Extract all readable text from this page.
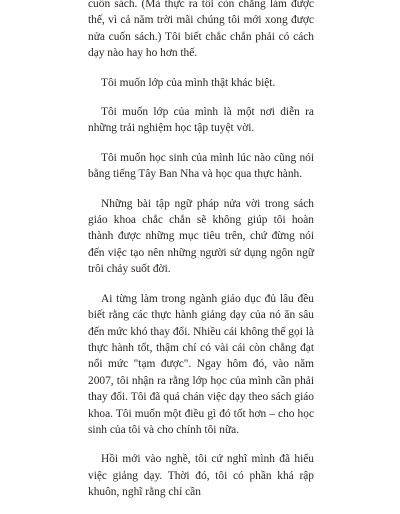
cuốn sách. (Mà thực ra tôi còn chẳng làm được thế, vì cả năm trời mãi chúng tôi mới xong được nửa cuốn sách.) Tôi biết chắc chắn phải có cách dạy nào hay ho hơn thế.

Tôi muốn lớp của mình thật khác biệt.

Tôi muốn lớp của mình là một nơi diễn ra những trải nghiệm học tập tuyệt vời.

Tôi muốn học sinh của mình lúc nào cũng nói bằng tiếng Tây Ban Nha và học qua thực hành.

Những bài tập ngữ pháp nửa vời trong sách giáo khoa chắc chắn sẽ không giúp tôi hoàn thành được những mục tiêu trên, chứ đừng nói đến việc tạo nên những người sử dụng ngôn ngữ trôi chảy suốt đời.

Ai từng làm trong ngành giáo dục đủ lâu đều biết rằng các thực hành giảng dạy của nó ăn sâu đến mức khó thay đổi. Nhiều cái không thể gọi là thực hành tốt, thậm chí có vài cái còn chẳng đạt nổi mức "tạm được". Ngay hôm đó, vào năm 2007, tôi nhận ra rằng lớp học của mình cần phải thay đổi. Tôi đã quá chán việc dạy theo sách giáo khoa. Tôi muốn một điều gì đó tốt hơn – cho học sinh của tôi và cho chính tôi nữa.

Hồi mới vào nghề, tôi cứ nghĩ mình đã hiểu việc giảng dạy. Thời đó, tôi có phần khá rập khuôn, nghĩ rằng chỉ cần
